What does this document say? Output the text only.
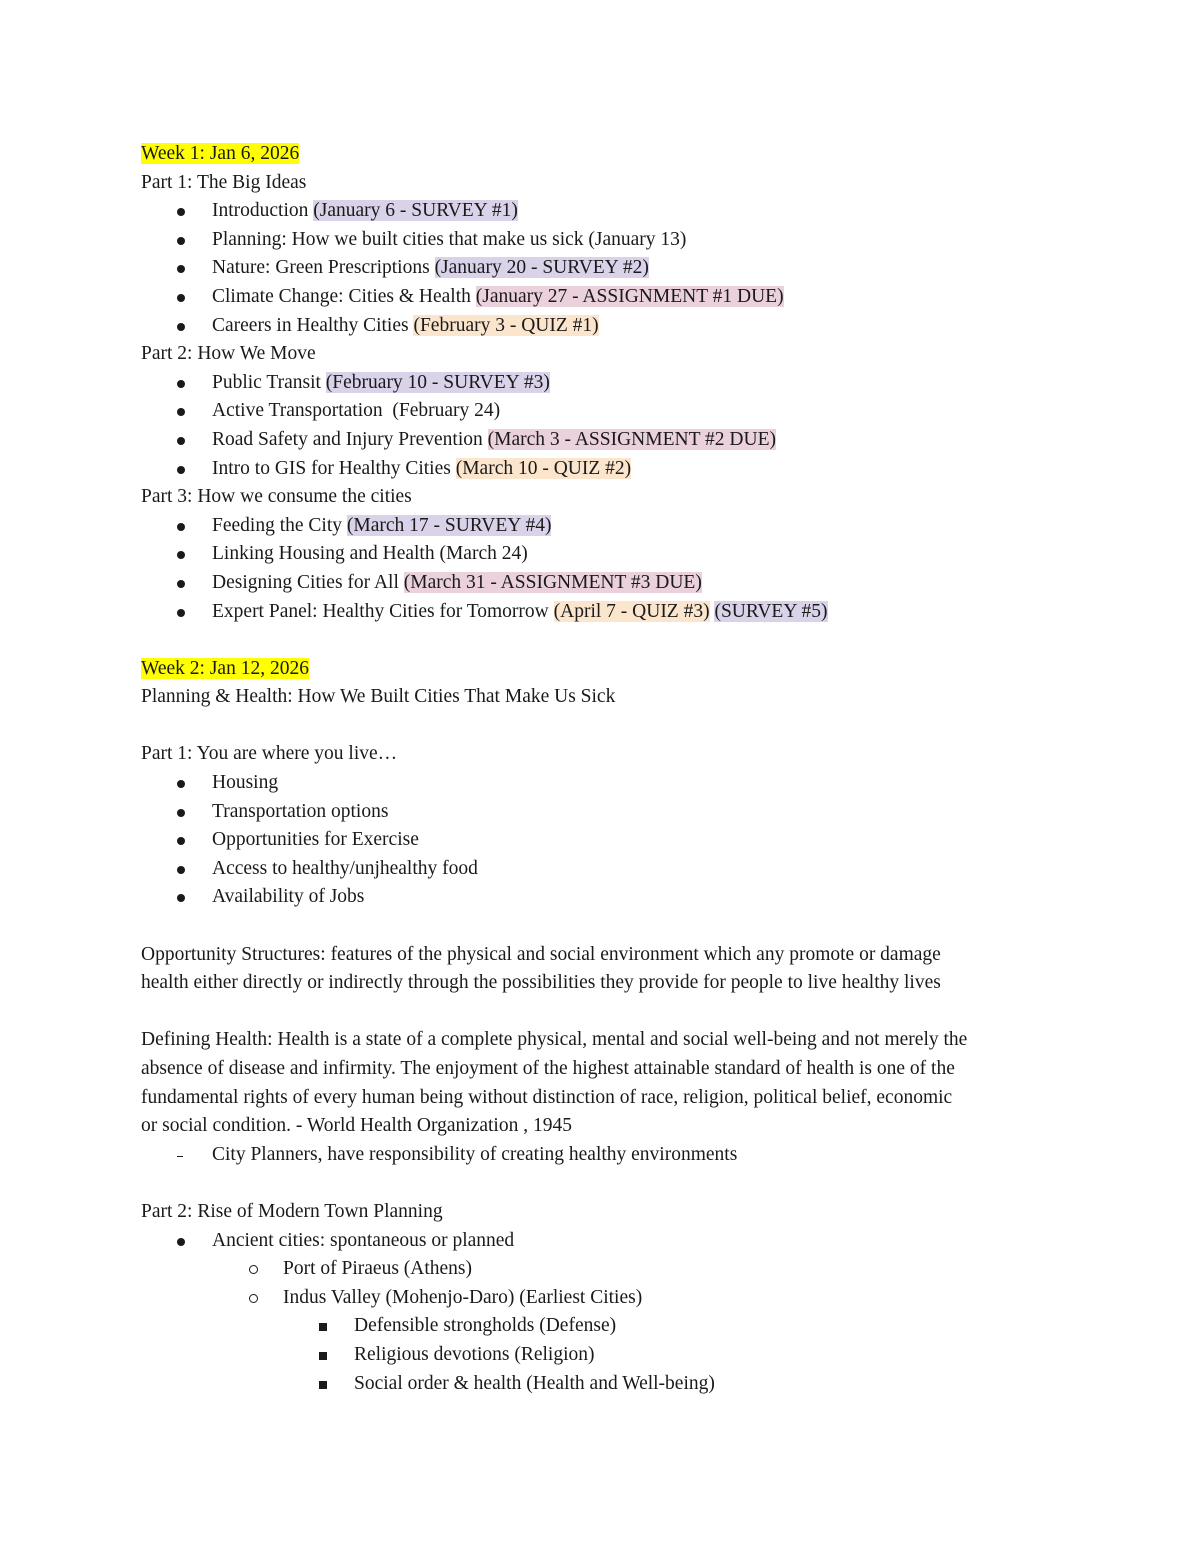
Week 1: Jan 6, 2026
Part 1: The Big Ideas
Introduction (January 6 - SURVEY #1)
Planning: How we built cities that make us sick (January 13)
Nature: Green Prescriptions (January 20 - SURVEY #2)
Climate Change: Cities & Health (January 27 - ASSIGNMENT #1 DUE)
Careers in Healthy Cities (February 3 - QUIZ #1)
Part 2: How We Move
Public Transit (February 10 - SURVEY #3)
Active Transportation  (February 24)
Road Safety and Injury Prevention (March 3 - ASSIGNMENT #2 DUE)
Intro to GIS for Healthy Cities (March 10 - QUIZ #2)
Part 3: How we consume the cities
Feeding the City (March 17 - SURVEY #4)
Linking Housing and Health (March 24)
Designing Cities for All (March 31 - ASSIGNMENT #3 DUE)
Expert Panel: Healthy Cities for Tomorrow (April 7 - QUIZ #3) (SURVEY #5)
Week 2: Jan 12, 2026
Planning & Health: How We Built Cities That Make Us Sick
Part 1: You are where you live…
Housing
Transportation options
Opportunities for Exercise
Access to healthy/unjhealthy food
Availability of Jobs
Opportunity Structures: features of the physical and social environment which any promote or damage
health either directly or indirectly through the possibilities they provide for people to live healthy lives
Defining Health: Health is a state of a complete physical, mental and social well-being and not merely the
absence of disease and infirmity. The enjoyment of the highest attainable standard of health is one of the
fundamental rights of every human being without distinction of race, religion, political belief, economic
or social condition. - World Health Organization , 1945
City Planners, have responsibility of creating healthy environments
Part 2: Rise of Modern Town Planning
Ancient cities: spontaneous or planned
Port of Piraeus (Athens)
Indus Valley (Mohenjo-Daro) (Earliest Cities)
Defensible strongholds (Defense)
Religious devotions (Religion)
Social order & health (Health and Well-being)
